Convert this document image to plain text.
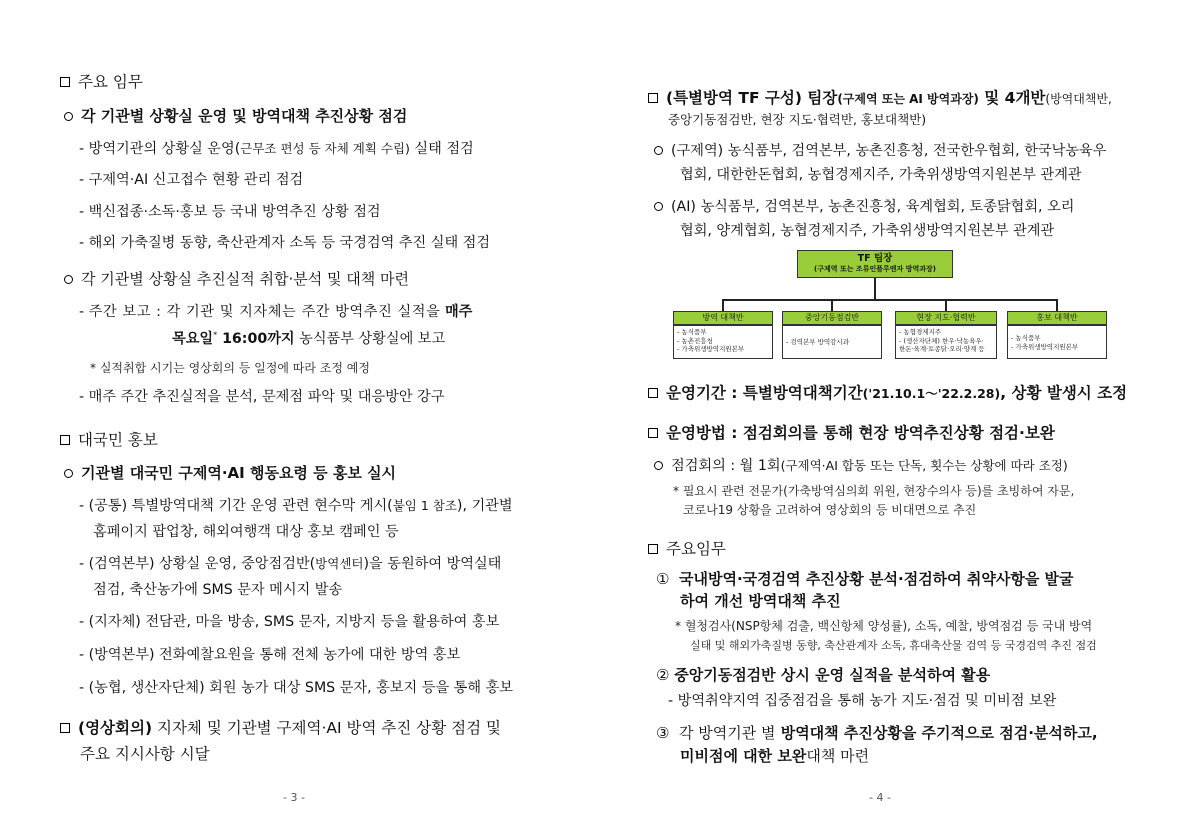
주요 임무
각 기관별 상황실 운영 및 방역대책 추진상황 점검
- 방역기관의 상황실 운영(근무조 편성 등 자체 계획 수립) 실태 점검
- 구제역·AI 신고접수 현황 관리 점검
- 백신접종·소독·홍보 등 국내 방역추진 상황 점검
- 해외 가축질병 동향, 축산관계자 소독 등 국경검역 추진 실태 점검
각 기관별 상황실 추진실적 취합·분석 및 대책 마련
- 주간 보고 : 각 기관 및 지자체는 주간 방역추진 실적을 매주
목요일* 16:00까지 농식품부 상황실에 보고
* 실적취합 시기는 영상회의 등 일정에 따라 조정 예정
- 매주 주간 추진실적을 분석, 문제점 파악 및 대응방안 강구
대국민 홍보
기관별 대국민 구제역·AI 행동요령 등 홍보 실시
- (공통) 특별방역대책 기간 운영 관련 현수막 게시(붙임 1 참조), 기관별
홈페이지 팝업창, 해외여행객 대상 홍보 캠페인 등
- (검역본부) 상황실 운영, 중앙점검반(방역센터)을 동원하여 방역실태
점검, 축산농가에 SMS 문자 메시지 발송
- (지자체) 전담관, 마을 방송, SMS 문자, 지방지 등을 활용하여 홍보
- (방역본부) 전화예찰요원을 통해 전체 농가에 대한 방역 홍보
- (농협, 생산자단체) 회원 농가 대상 SMS 문자, 홍보지 등을 통해 홍보
(영상회의) 지자체 및 기관별 구제역·AI 방역 추진 상황 점검 및
주요 지시사항 시달
- 3 -
(특별방역 TF 구성) 팀장(구제역 또는 AI 방역과장) 및 4개반(방역대책반,
중앙기동점검반, 현장 지도·협력반, 홍보대책반)
(구제역) 농식품부, 검역본부, 농촌진흥청, 전국한우협회, 한국낙농육우
협회, 대한한돈협회, 농협경제지주, 가축위생방역지원본부 관계관
(AI) 농식품부, 검역본부, 농촌진흥청, 육계협회, 토종닭협회, 오리
협회, 양계협회, 농협경제지주, 가축위생방역지원본부 관계관
TF 팀장
(구제역 또는 조류인플루엔자 방역과장)
방역 대책반
- 농식품부
- 농촌진흥청
- 가축위생방역지원본부
중앙기동점검반
- 검역본부 방역감시과
현장 지도·협력반
- 농협경제지주
- (생산자단체) 한우·낙농육우·
한돈·육계·토종닭·오리·양계 등
홍보 대책반
- 농식품부
- 가축위생방역지원본부
운영기간 : 특별방역대책기간('21.10.1～'22.2.28), 상황 발생시 조정
운영방법 : 점검회의를 통해 현장 방역추진상황 점검·보완
점검회의 : 월 1회(구제역·AI 합동 또는 단독, 횟수는 상황에 따라 조정)
* 필요시 관련 전문가(가축방역심의회 위원, 현장수의사 등)를 초빙하여 자문,
코로나19 상황을 고려하여 영상회의 등 비대면으로 추진
주요임무
① 국내방역·국경검역 추진상황 분석·점검하여 취약사항을 발굴
하여 개선 방역대책 추진
* 혈청검사(NSP항체 검출, 백신항체 양성률), 소독, 예찰, 방역점검 등 국내 방역
실태 및 해외가축질병 동향, 축산관계자 소독, 휴대축산물 검역 등 국경검역 추진 점검
② 중앙기동점검반 상시 운영 실적을 분석하여 활용
- 방역취약지역 집중점검을 통해 농가 지도·점검 및 미비점 보완
③ 각 방역기관 별 방역대책 추진상황을 주기적으로 점검·분석하고,
미비점에 대한 보완대책 마련
- 4 -
